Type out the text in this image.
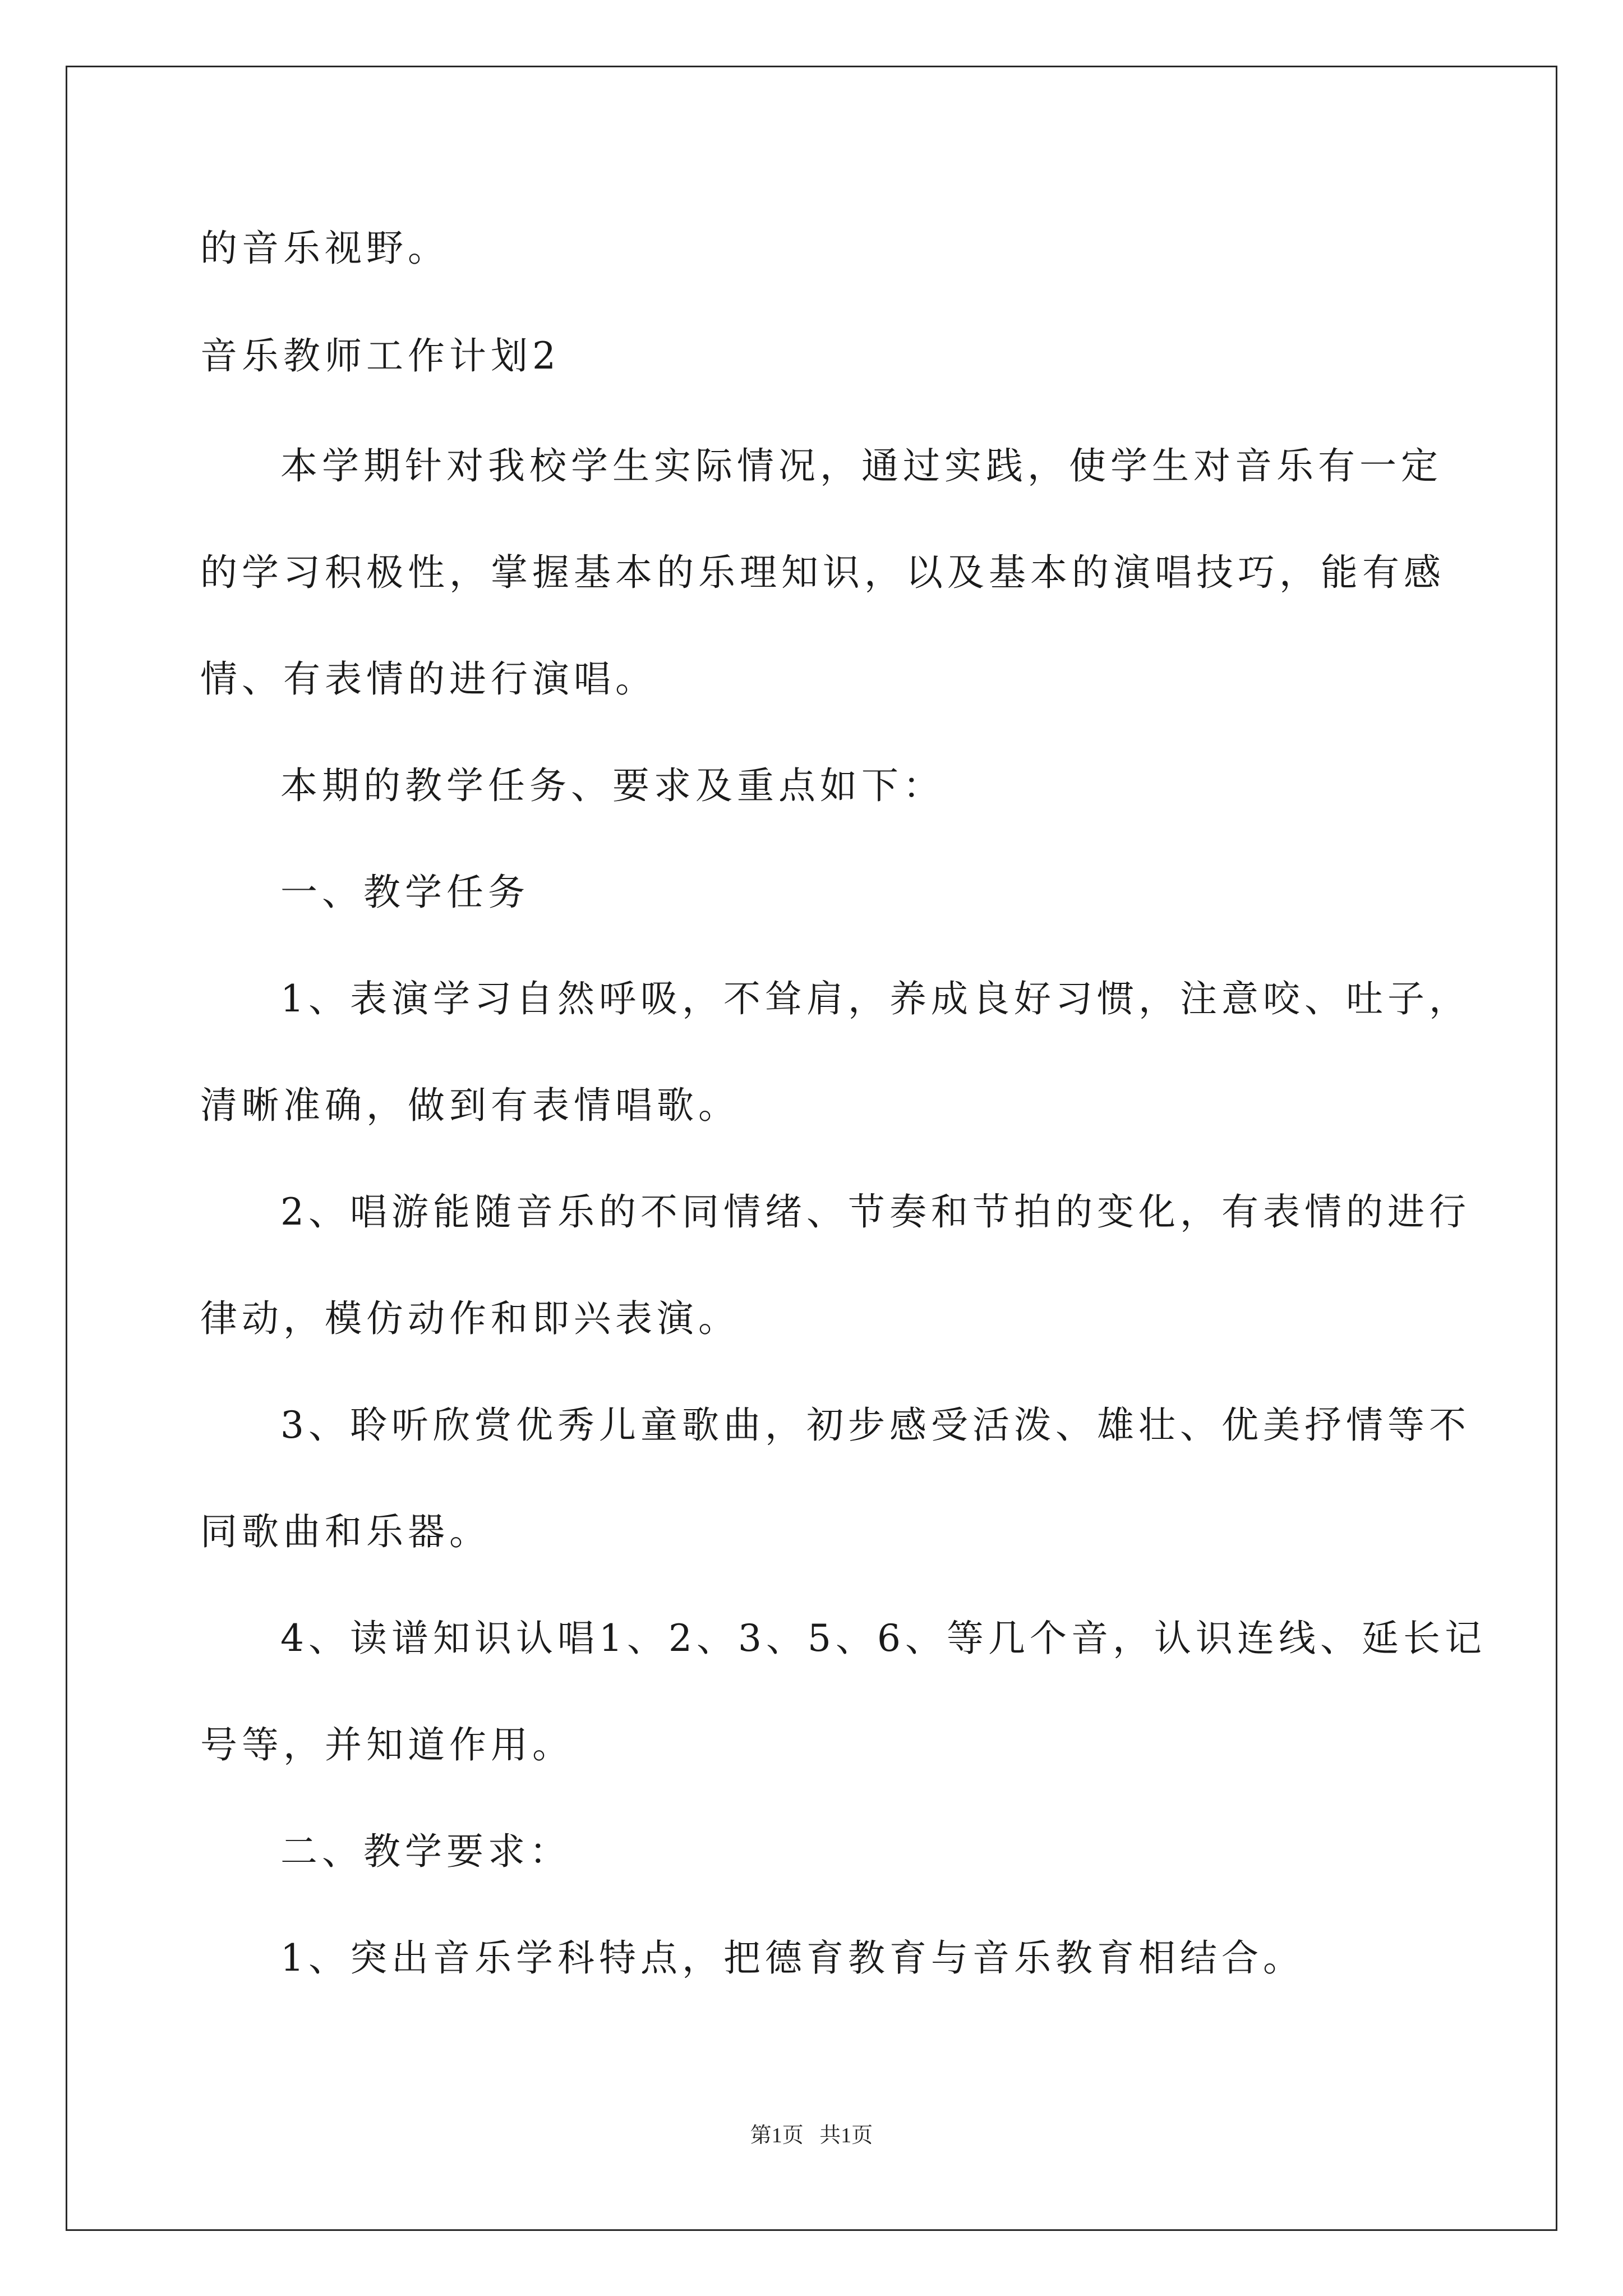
的音乐视野。
音乐教师工作计划2
本学期针对我校学生实际情况，通过实践，使学生对音乐有一定
的学习积极性，掌握基本的乐理知识，以及基本的演唱技巧，能有感
情、有表情的进行演唱。
本期的教学任务、要求及重点如下：
一、教学任务
1、表演学习自然呼吸，不耸肩，养成良好习惯，注意咬、吐子，
清晰准确，做到有表情唱歌。
2、唱游能随音乐的不同情绪、节奏和节拍的变化，有表情的进行
律动，模仿动作和即兴表演。
3、聆听欣赏优秀儿童歌曲，初步感受活泼、雄壮、优美抒情等不
同歌曲和乐器。
4、读谱知识认唱1、2、3、5、6、等几个音，认识连线、延长记
号等，并知道作用。
二、教学要求：
1、突出音乐学科特点，把德育教育与音乐教育相结合。
第1页   共1页
